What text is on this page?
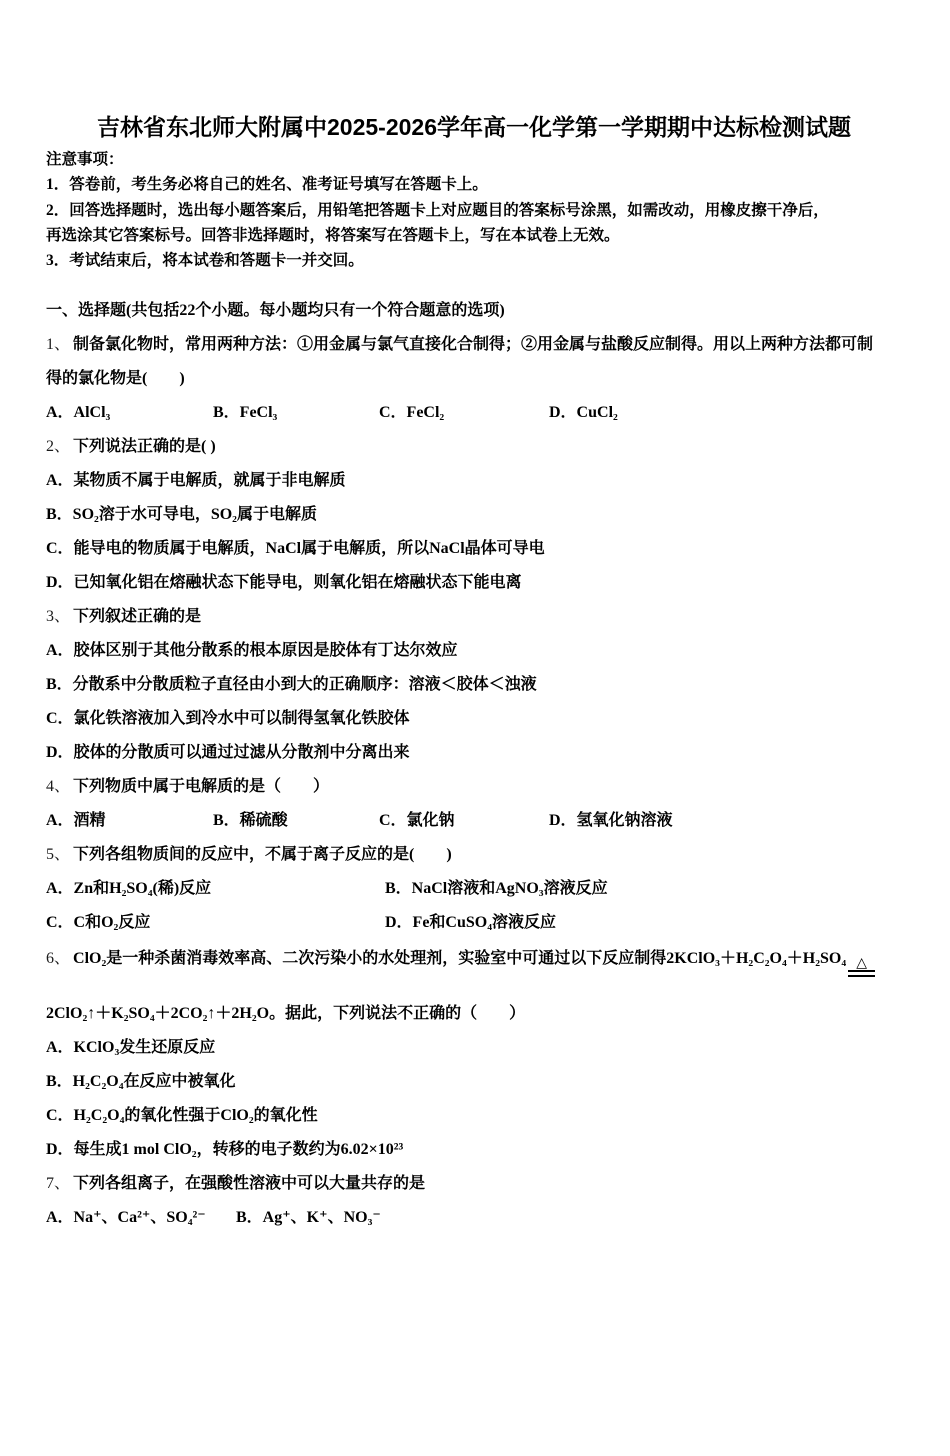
吉林省东北师大附属中2025-2026学年高一化学第一学期期中达标检测试题
注意事项：
1．答卷前，考生务必将自己的姓名、准考证号填写在答题卡上。
2．回答选择题时，选出每小题答案后，用铅笔把答题卡上对应题目的答案标号涂黑，如需改动，用橡皮擦干净后，
再选涂其它答案标号。回答非选择题时，将答案写在答题卡上，写在本试卷上无效。
3．考试结束后，将本试卷和答题卡一并交回。
一、选择题(共包括22个小题。每小题均只有一个符合题意的选项)
1、 制备氯化物时，常用两种方法：①用金属与氯气直接化合制得；②用金属与盐酸反应制得。用以上两种方法都可制
得的氯化物是(　　)
A．AlCl₃	B．FeCl₃	C．FeCl₂	D．CuCl₂
2、 下列说法正确的是( )
A．某物质不属于电解质，就属于非电解质
B．SO₂溶于水可导电，SO₂属于电解质
C．能导电的物质属于电解质，NaCl属于电解质，所以NaCl晶体可导电
D．已知氧化铝在熔融状态下能导电，则氧化铝在熔融状态下能电离
3、 下列叙述正确的是
A．胶体区别于其他分散系的根本原因是胶体有丁达尔效应
B．分散系中分散质粒子直径由小到大的正确顺序：溶液＜胶体＜浊液
C．氯化铁溶液加入到冷水中可以制得氢氧化铁胶体
D．胶体的分散质可以通过过滤从分散剂中分离出来
4、 下列物质中属于电解质的是（　　）
A．酒精	B．稀硫酸	C．氯化钠	D．氢氧化钠溶液
5、 下列各组物质间的反应中，不属于离子反应的是(　　)
A．Zn和H₂SO₄(稀)反应	B．NaCl溶液和AgNO₃溶液反应
C．C和O₂反应	D．Fe和CuSO₄溶液反应
6、 ClO₂是一种杀菌消毒效率高、二次污染小的水处理剂，实验室中可通过以下反应制得2KClO₃＋H₂C₂O₄＋H₂SO₄ △
2ClO₂↑＋K₂SO₄＋2CO₂↑＋2H₂O。据此，下列说法不正确的（　　）
A．KClO₃发生还原反应
B．H₂C₂O₄在反应中被氧化
C．H₂C₂O₄的氧化性强于ClO₂的氧化性
D．每生成1 mol ClO₂，转移的电子数约为6.02×10²³
7、 下列各组离子，在强酸性溶液中可以大量共存的是
A．Na⁺、Ca²⁺、SO₄²⁻	B．Ag⁺、K⁺、NO₃⁻
